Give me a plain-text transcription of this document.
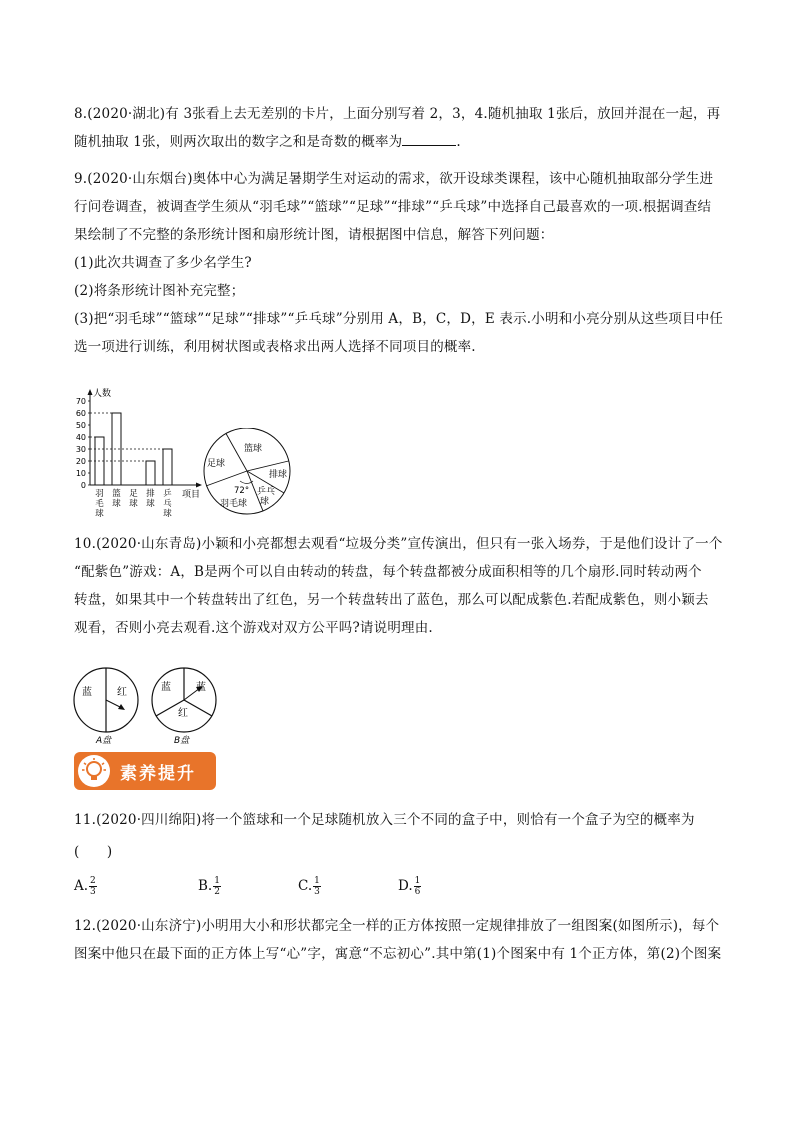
8.(2020·湖北)有 3张看上去无差别的卡片，上面分别写着 2，3，4.随机抽取 1张后，放回并混在一起，再
随机抽取 1张，则两次取出的数字之和是奇数的概率为	.
9.(2020·山东烟台)奥体中心为满足暑期学生对运动的需求，欲开设球类课程，该中心随机抽取部分学生进
行问卷调查，被调查学生须从“羽毛球”“篮球”“足球”“排球”“乒乓球”中选择自己最喜欢的一项.根据调查结
果绘制了不完整的条形统计图和扇形统计图，请根据图中信息，解答下列问题：
(1)此次共调查了多少名学生?
(2)将条形统计图补充完整；
(3)把“羽毛球”“篮球”“足球”“排球”“乒乓球”分别用 A，B，C，D，E 表示.小明和小亮分别从这些项目中任
选一项进行训练，利用树状图或表格求出两人选择不同项目的概率.
人数
项目
0
10
20
30
40
50
60
70
羽
毛
球
篮
球
足
球
排
球
乒
乓
球
篮球
排球
乒乓
球
羽毛球
足球
72°
10.(2020·山东青岛)小颖和小亮都想去观看“垃圾分类”宣传演出，但只有一张入场券，于是他们设计了一个
“配紫色”游戏：A，B是两个可以自由转动的转盘，每个转盘都被分成面积相等的几个扇形.同时转动两个
转盘，如果其中一个转盘转出了红色，另一个转盘转出了蓝色，那么可以配成紫色.若配成紫色，则小颖去
观看，否则小亮去观看.这个游戏对双方公平吗?请说明理由.
蓝	红
A盘
蓝	蓝
红
B盘
素养提升
11.(2020·四川绵阳)将一个篮球和一个足球随机放入三个不同的盒子中，则恰有一个盒子为空的概率为
(　　)
A. $\frac{2}{3}$	B. $\frac{1}{2}$	C. $\frac{1}{3}$	D. $\frac{1}{6}$
12.(2020·山东济宁)小明用大小和形状都完全一样的正方体按照一定规律排放了一组图案(如图所示)，每个
图案中他只在最下面的正方体上写“心”字，寓意“不忘初心”.其中第(1)个图案中有 1个正方体，第(2)个图案
